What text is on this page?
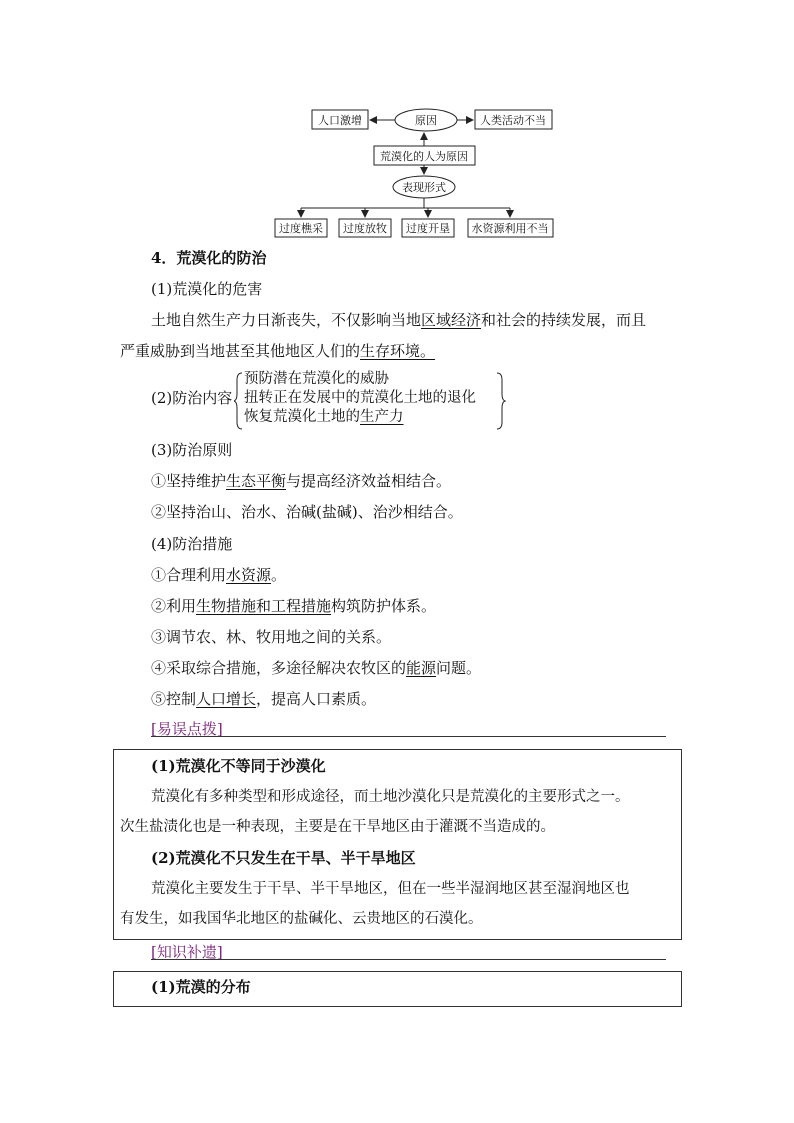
人口激增	原因	人类活动不当
荒漠化的人为原因
表现形式
过度樵采 过度放牧 过度开垦 水资源利用不当
4．荒漠化的防治
(1)荒漠化的危害
土地自然生产力日渐丧失，不仅影响当地区域经济和社会的持续发展，而且
严重威胁到当地甚至其他地区人们的生存环境。
(2)防治内容
预防潜在荒漠化的威胁
扭转正在发展中的荒漠化土地的退化
恢复荒漠化土地的生产力
(3)防治原则
①坚持维护生态平衡与提高经济效益相结合。
②坚持治山、治水、治碱(盐碱)、治沙相结合。
(4)防治措施
①合理利用水资源。
②利用生物措施和工程措施构筑防护体系。
③调节农、林、牧用地之间的关系。
④采取综合措施，多途径解决农牧区的能源问题。
⑤控制人口增长，提高人口素质。
[易误点拨]
(1)荒漠化不等同于沙漠化
荒漠化有多种类型和形成途径，而土地沙漠化只是荒漠化的主要形式之一。
次生盐渍化也是一种表现，主要是在干旱地区由于灌溉不当造成的。
(2)荒漠化不只发生在干旱、半干旱地区
荒漠化主要发生于干旱、半干旱地区，但在一些半湿润地区甚至湿润地区也
有发生，如我国华北地区的盐碱化、云贵地区的石漠化。
[知识补遗]
(1)荒漠的分布
